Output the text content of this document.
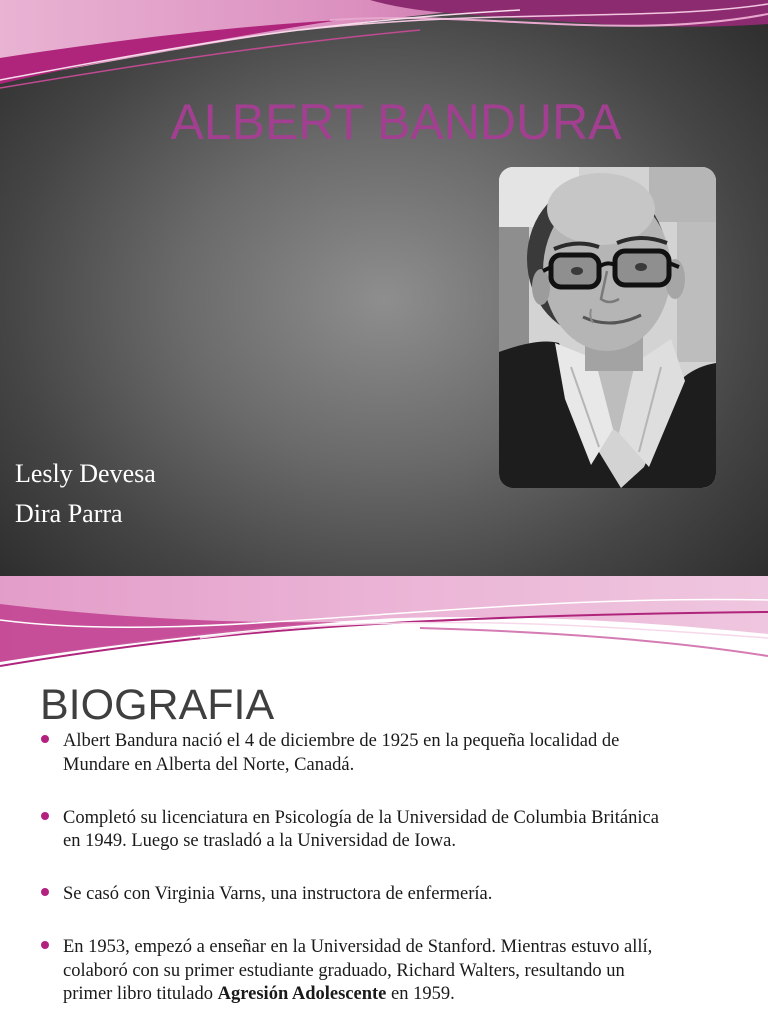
ALBERT BANDURA
Lesly Devesa
Dira Parra
BIOGRAFIA
Albert Bandura nació el 4 de diciembre de 1925 en la pequeña localidad de
Mundare en Alberta del Norte, Canadá.
Completó su licenciatura en Psicología de la Universidad de Columbia Británica
en 1949. Luego se trasladó a la Universidad de Iowa.
Se casó con Virginia Varns, una instructora de enfermería.
En 1953, empezó a enseñar en la Universidad de Stanford. Mientras estuvo allí,
colaboró con su primer estudiante graduado, Richard Walters, resultando un
primer libro titulado Agresión Adolescente en 1959.
